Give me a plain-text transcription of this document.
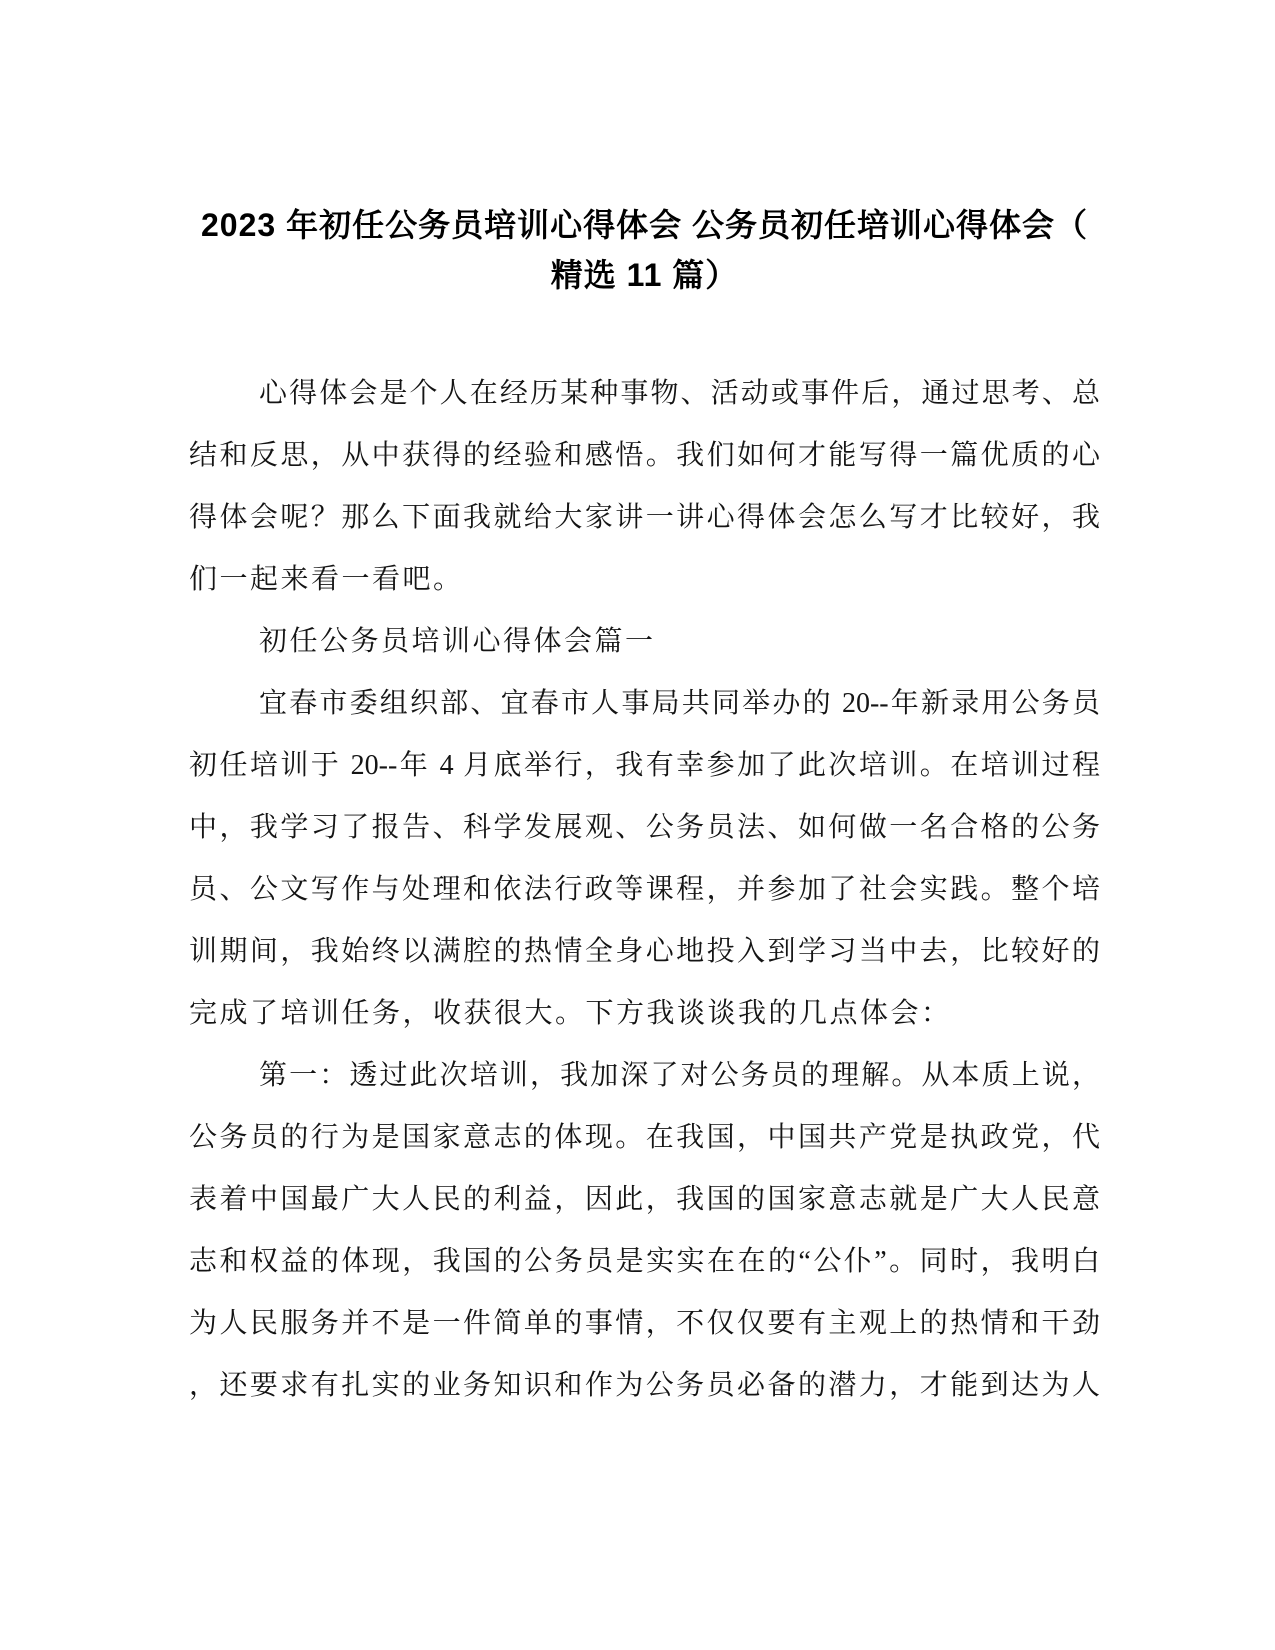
2023 年初任公务员培训心得体会 公务员初任培训心得体会（
精选 11 篇）
心得体会是个人在经历某种事物、活动或事件后，通过思考、总
结和反思，从中获得的经验和感悟。我们如何才能写得一篇优质的心
得体会呢？那么下面我就给大家讲一讲心得体会怎么写才比较好，我
们一起来看一看吧。
初任公务员培训心得体会篇一
宜春市委组织部、宜春市人事局共同举办的 20--年新录用公务员
初任培训于 20--年 4 月底举行，我有幸参加了此次培训。在培训过程
中，我学习了报告、科学发展观、公务员法、如何做一名合格的公务
员、公文写作与处理和依法行政等课程，并参加了社会实践。整个培
训期间，我始终以满腔的热情全身心地投入到学习当中去，比较好的
完成了培训任务，收获很大。下方我谈谈我的几点体会：
第一：透过此次培训，我加深了对公务员的理解。从本质上说，
公务员的行为是国家意志的体现。在我国，中国共产党是执政党，代
表着中国最广大人民的利益，因此，我国的国家意志就是广大人民意
志和权益的体现，我国的公务员是实实在在的“公仆”。同时，我明白
为人民服务并不是一件简单的事情，不仅仅要有主观上的热情和干劲
，还要求有扎实的业务知识和作为公务员必备的潜力，才能到达为人
